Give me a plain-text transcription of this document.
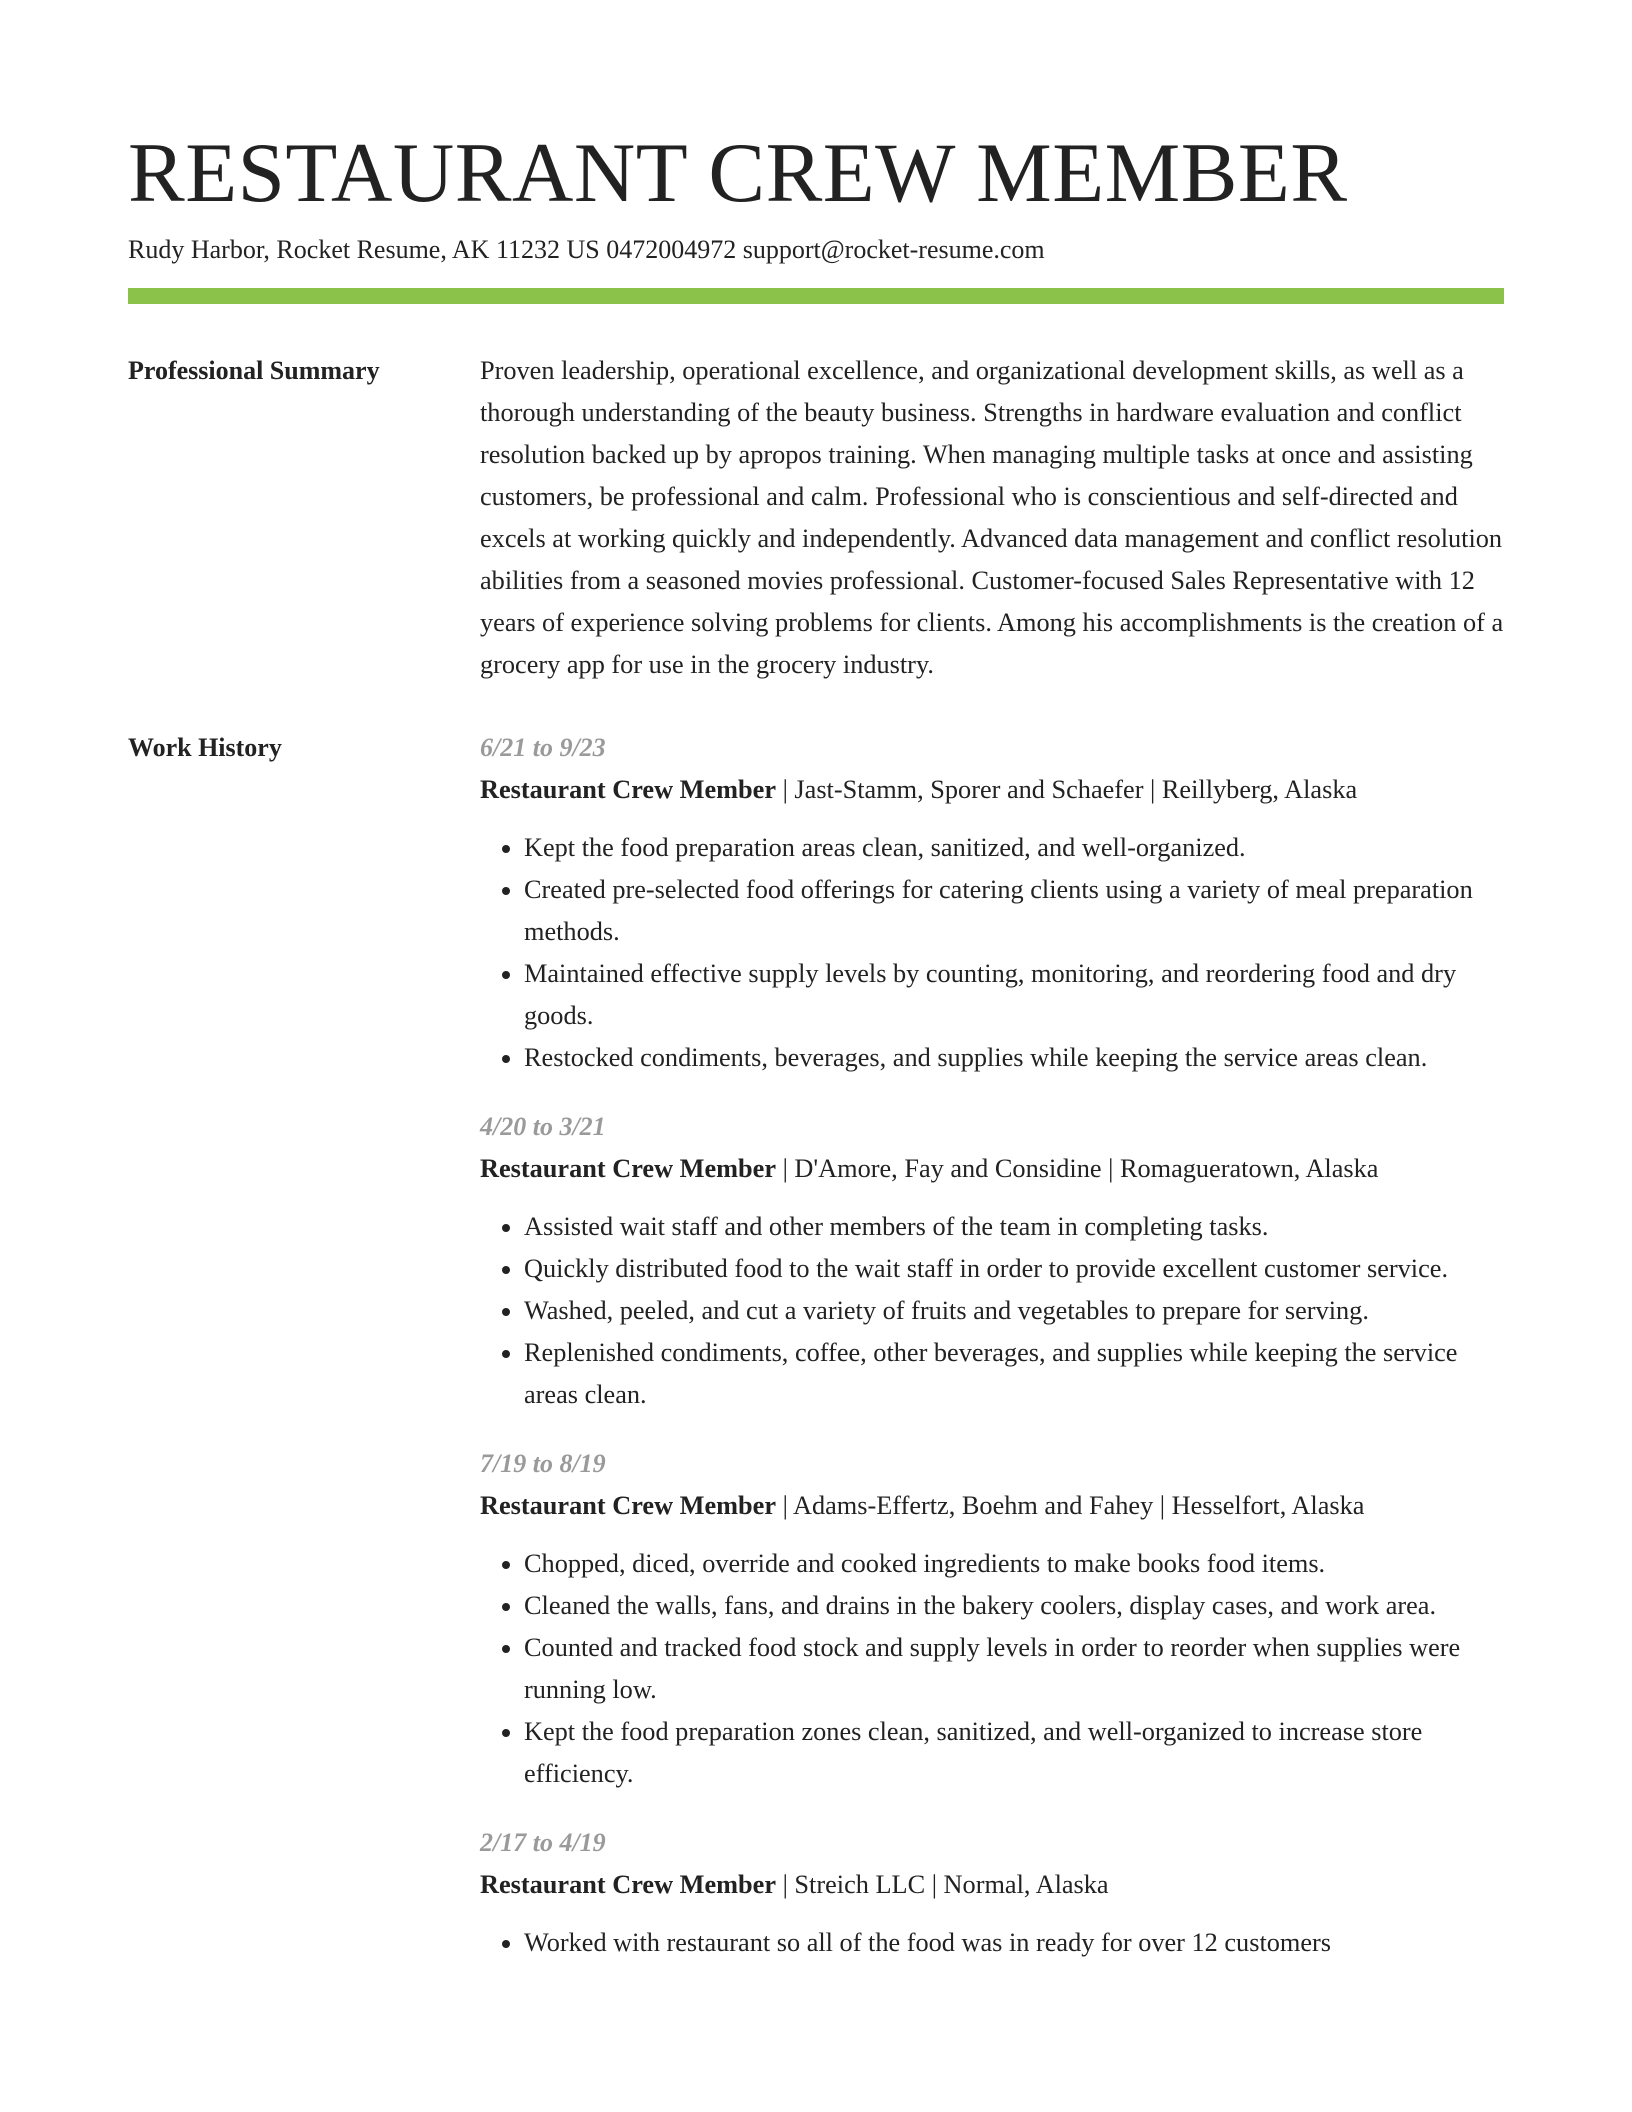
RESTAURANT CREW MEMBER
Rudy Harbor, Rocket Resume, AK 11232 US 0472004972 support@rocket-resume.com
Professional Summary	Proven leadership, operational excellence, and organizational development skills, as well as a thorough understanding of the beauty business. Strengths in hardware evaluation and conflict resolution backed up by apropos training. When managing multiple tasks at once and assisting customers, be professional and calm. Professional who is conscientious and self-directed and excels at working quickly and independently. Advanced data management and conflict resolution abilities from a seasoned movies professional. Customer-focused Sales Representative with 12 years of experience solving problems for clients. Among his accomplishments is the creation of a grocery app for use in the grocery industry.

Work History	6/21 to 9/23
Restaurant Crew Member | Jast-Stamm, Sporer and Schaefer | Reillyberg, Alaska
• Kept the food preparation areas clean, sanitized, and well-organized.
• Created pre-selected food offerings for catering clients using a variety of meal preparation methods.
• Maintained effective supply levels by counting, monitoring, and reordering food and dry goods.
• Restocked condiments, beverages, and supplies while keeping the service areas clean.
4/20 to 3/21
Restaurant Crew Member | D'Amore, Fay and Considine | Romagueratown, Alaska
• Assisted wait staff and other members of the team in completing tasks.
• Quickly distributed food to the wait staff in order to provide excellent customer service.
• Washed, peeled, and cut a variety of fruits and vegetables to prepare for serving.
• Replenished condiments, coffee, other beverages, and supplies while keeping the service areas clean.
7/19 to 8/19
Restaurant Crew Member | Adams-Effertz, Boehm and Fahey | Hesselfort, Alaska
• Chopped, diced, override and cooked ingredients to make books food items.
• Cleaned the walls, fans, and drains in the bakery coolers, display cases, and work area.
• Counted and tracked food stock and supply levels in order to reorder when supplies were running low.
• Kept the food preparation zones clean, sanitized, and well-organized to increase store efficiency.
2/17 to 4/19
Restaurant Crew Member | Streich LLC | Normal, Alaska
• Worked with restaurant so all of the food was in ready for over 12 customers
